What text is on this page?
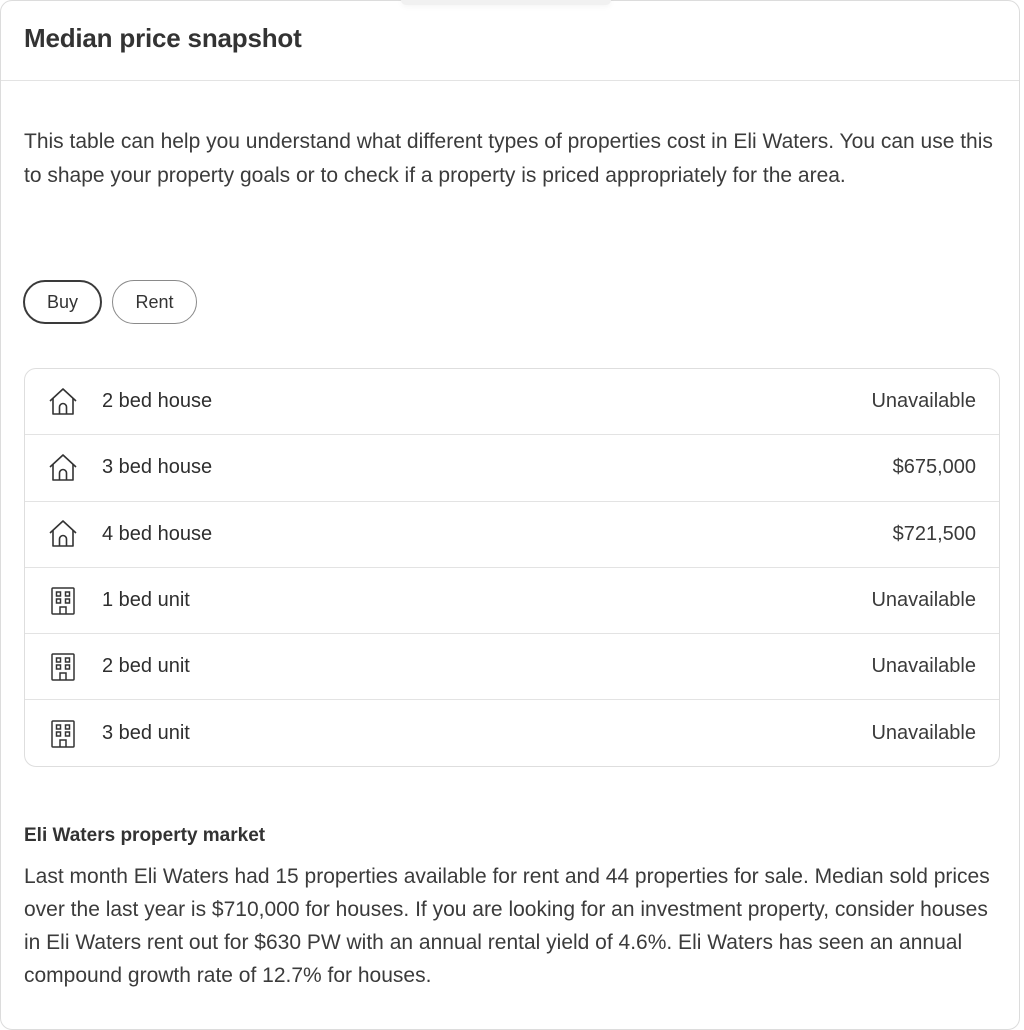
Median price snapshot

This table can help you understand what different types of properties cost in Eli Waters. You can use this to shape your property goals or to check if a property is priced appropriately for the area.

Buy	Rent
2 bed house	Unavailable
3 bed house	$675,000
4 bed house	$721,500
1 bed unit	Unavailable
2 bed unit	Unavailable
3 bed unit	Unavailable
Eli Waters property market

Last month Eli Waters had 15 properties available for rent and 44 properties for sale. Median sold prices over the last year is $710,000 for houses. If you are looking for an investment property, consider houses in Eli Waters rent out for $630 PW with an annual rental yield of 4.6%. Eli Waters has seen an annual compound growth rate of 12.7% for houses.
